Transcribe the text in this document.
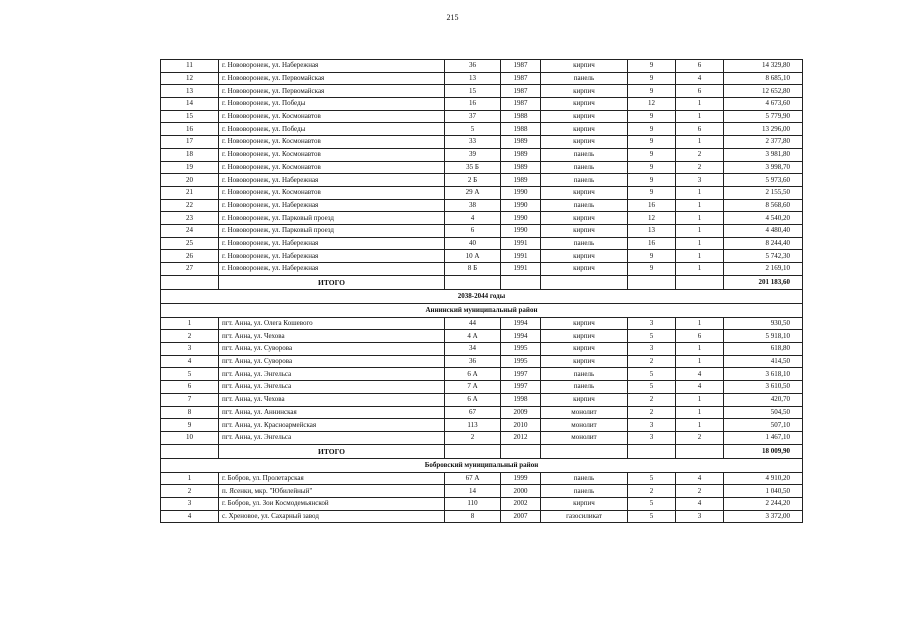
215
11	г. Нововоронеж, ул. Набережная	36	1987	кирпич	9	6	14 329,80
12	г. Нововоронеж, ул. Первомайская	13	1987	панель	9	4	8 685,10
13	г. Нововоронеж, ул. Первомайская	15	1987	кирпич	9	6	12 652,80
14	г. Нововоронеж, ул. Победы	16	1987	кирпич	12	1	4 673,60
15	г. Нововоронеж, ул. Космонавтов	37	1988	кирпич	9	1	5 779,90
16	г. Нововоронеж, ул. Победы	5	1988	кирпич	9	6	13 296,00
17	г. Нововоронеж, ул. Космонавтов	33	1989	кирпич	9	1	2 377,80
18	г. Нововоронеж, ул. Космонавтов	39	1989	панель	9	2	3 981,80
19	г. Нововоронеж, ул. Космонавтов	35 Б	1989	панель	9	2	3 998,70
20	г. Нововоронеж, ул. Набережная	2 Б	1989	панель	9	3	5 973,60
21	г. Нововоронеж, ул. Космонавтов	29 А	1990	кирпич	9	1	2 155,50
22	г. Нововоронеж, ул. Набережная	38	1990	панель	16	1	8 568,60
23	г. Нововоронеж, ул. Парковый проезд	4	1990	кирпич	12	1	4 540,20
24	г. Нововоронеж, ул. Парковый проезд	6	1990	кирпич	13	1	4 480,40
25	г. Нововоронеж, ул. Набережная	40	1991	панель	16	1	8 244,40
26	г. Нововоронеж, ул. Набережная	10 А	1991	кирпич	9	1	5 742,30
27	г. Нововоронеж, ул. Набережная	8 Б	1991	кирпич	9	1	2 169,10
	ИТОГО						201 183,60
2038-2044 годы							
Аннинский муниципальный район							
1	пгт. Анна, ул. Олега Кошевого	44	1994	кирпич	3	1	930,50
2	пгт. Анна, ул. Чехова	4 А	1994	кирпич	5	6	5 918,10
3	пгт. Анна, ул. Суворова	34	1995	кирпич	3	1	618,80
4	пгт. Анна, ул. Суворова	36	1995	кирпич	2	1	414,50
5	пгт. Анна, ул. Энгельса	6 А	1997	панель	5	4	3 618,10
6	пгт. Анна, ул. Энгельса	7 А	1997	панель	5	4	3 610,50
7	пгт. Анна, ул. Чехова	6 А	1998	кирпич	2	1	420,70
8	пгт. Анна, ул. Аннинская	67	2009	монолит	2	1	504,50
9	пгт. Анна, ул. Красноармейская	113	2010	монолит	3	1	507,10
10	пгт. Анна, ул. Энгельса	2	2012	монолит	3	2	1 467,10
	ИТОГО						18 009,90
Бобровский муниципальный район							
1	г. Бобров, ул. Пролетарская	67 А	1999	панель	5	4	4 910,20
2	п. Ясенки, мкр. "Юбилейный"	14	2000	панель	2	2	1 040,50
3	г. Бобров, ул. Зои Космодемьянской	110	2002	кирпич	5	4	2 244,20
4	с. Хреновое, ул. Сахарный завод	8	2007	газосиликат	5	3	3 372,00
